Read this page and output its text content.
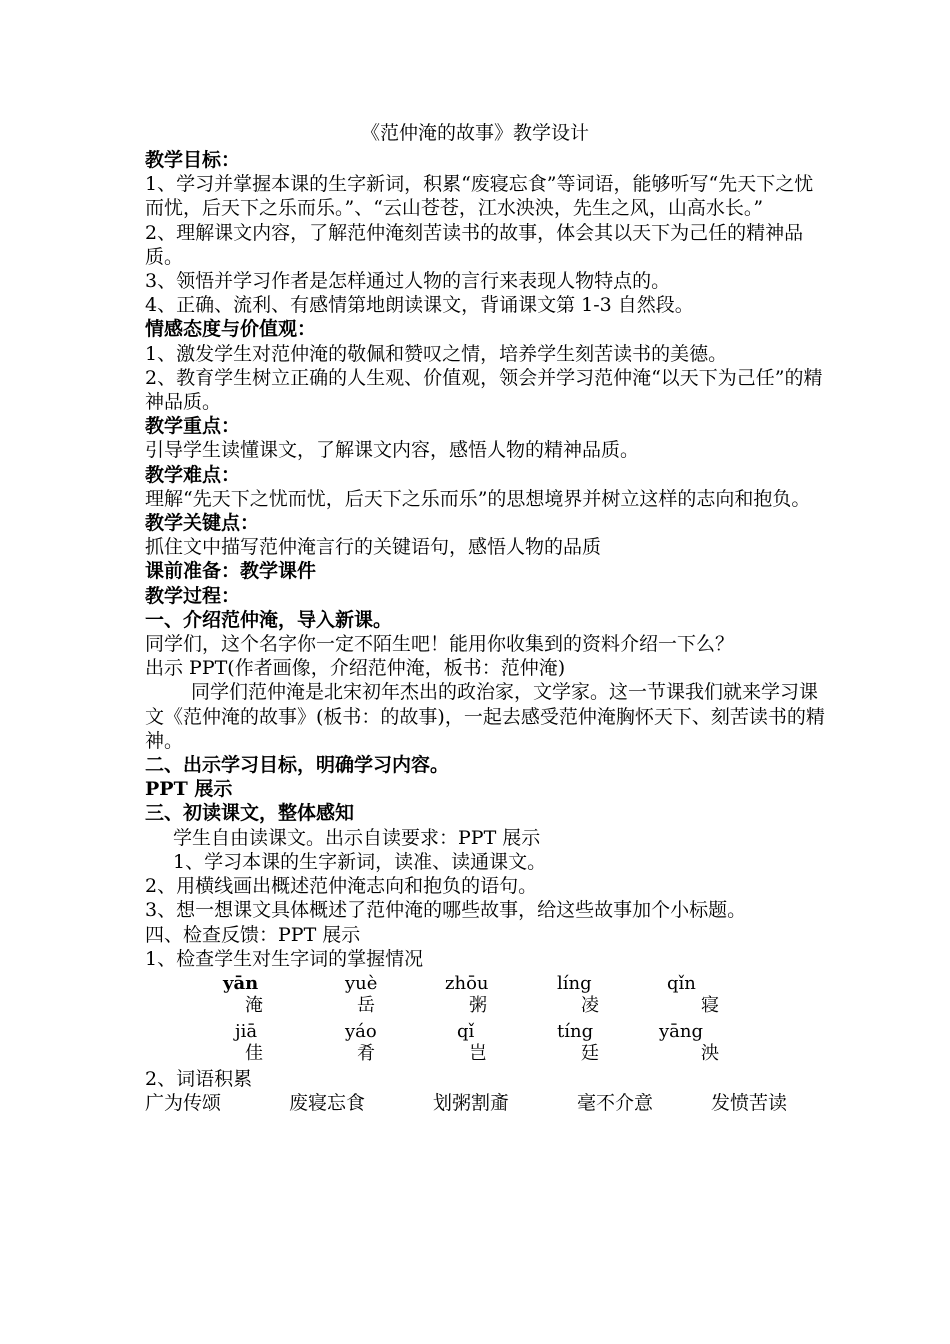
《范仲淹的故事》教学设计

教学目标：

1、学习并掌握本课的生字新词，积累“废寝忘食”等词语，能够听写“先天下之忧而忧，后天下之乐而乐。”、“云山苍苍，江水泱泱，先生之风，山高水长。”

2、理解课文内容，了解范仲淹刻苦读书的故事，体会其以天下为己任的精神品质。

3、领悟并学习作者是怎样通过人物的言行来表现人物特点的。

4、正确、流利、有感情第地朗读课文，背诵课文第 1-3 自然段。

情感态度与价值观：

1、激发学生对范仲淹的敬佩和赞叹之情，培养学生刻苦读书的美德。

2、教育学生树立正确的人生观、价值观，领会并学习范仲淹“以天下为己任”的精神品质。

教学重点：

引导学生读懂课文，了解课文内容，感悟人物的精神品质。

教学难点：

理解“先天下之忧而忧，后天下之乐而乐”的思想境界并树立这样的志向和抱负。

教学关键点：

抓住文中描写范仲淹言行的关键语句，感悟人物的品质

课前准备：教学课件

教学过程：

一、介绍范仲淹，导入新课。

同学们，这个名字你一定不陌生吧！能用你收集到的资料介绍一下么？

出示 PPT(作者画像，介绍范仲淹，板书：范仲淹)

同学们范仲淹是北宋初年杰出的政治家，文学家。这一节课我们就来学习课文《范仲淹的故事》(板书：的故事)，一起去感受范仲淹胸怀天下、刻苦读书的精神。

二、出示学习目标，明确学习内容。

PPT 展示

三、初读课文，整体感知

学生自由读课文。出示自读要求：PPT 展示

1、学习本课的生字新词，读准、读通课文。

2、用横线画出概述范仲淹志向和抱负的语句。

3、想一想课文具体概述了范仲淹的哪些故事，给这些故事加个小标题。

四、检查反馈：PPT 展示

1、检查学生对生字词的掌握情况

yān	yuè	zhōu	líng	qǐn
淹	岳	粥	凌	寝
jiā	yáo	qǐ	tíng	yāng
佳	肴	岂	廷	泱

2、词语积累

广为传颂	废寝忘食	划粥割齑	毫不介意	发愤苦读
